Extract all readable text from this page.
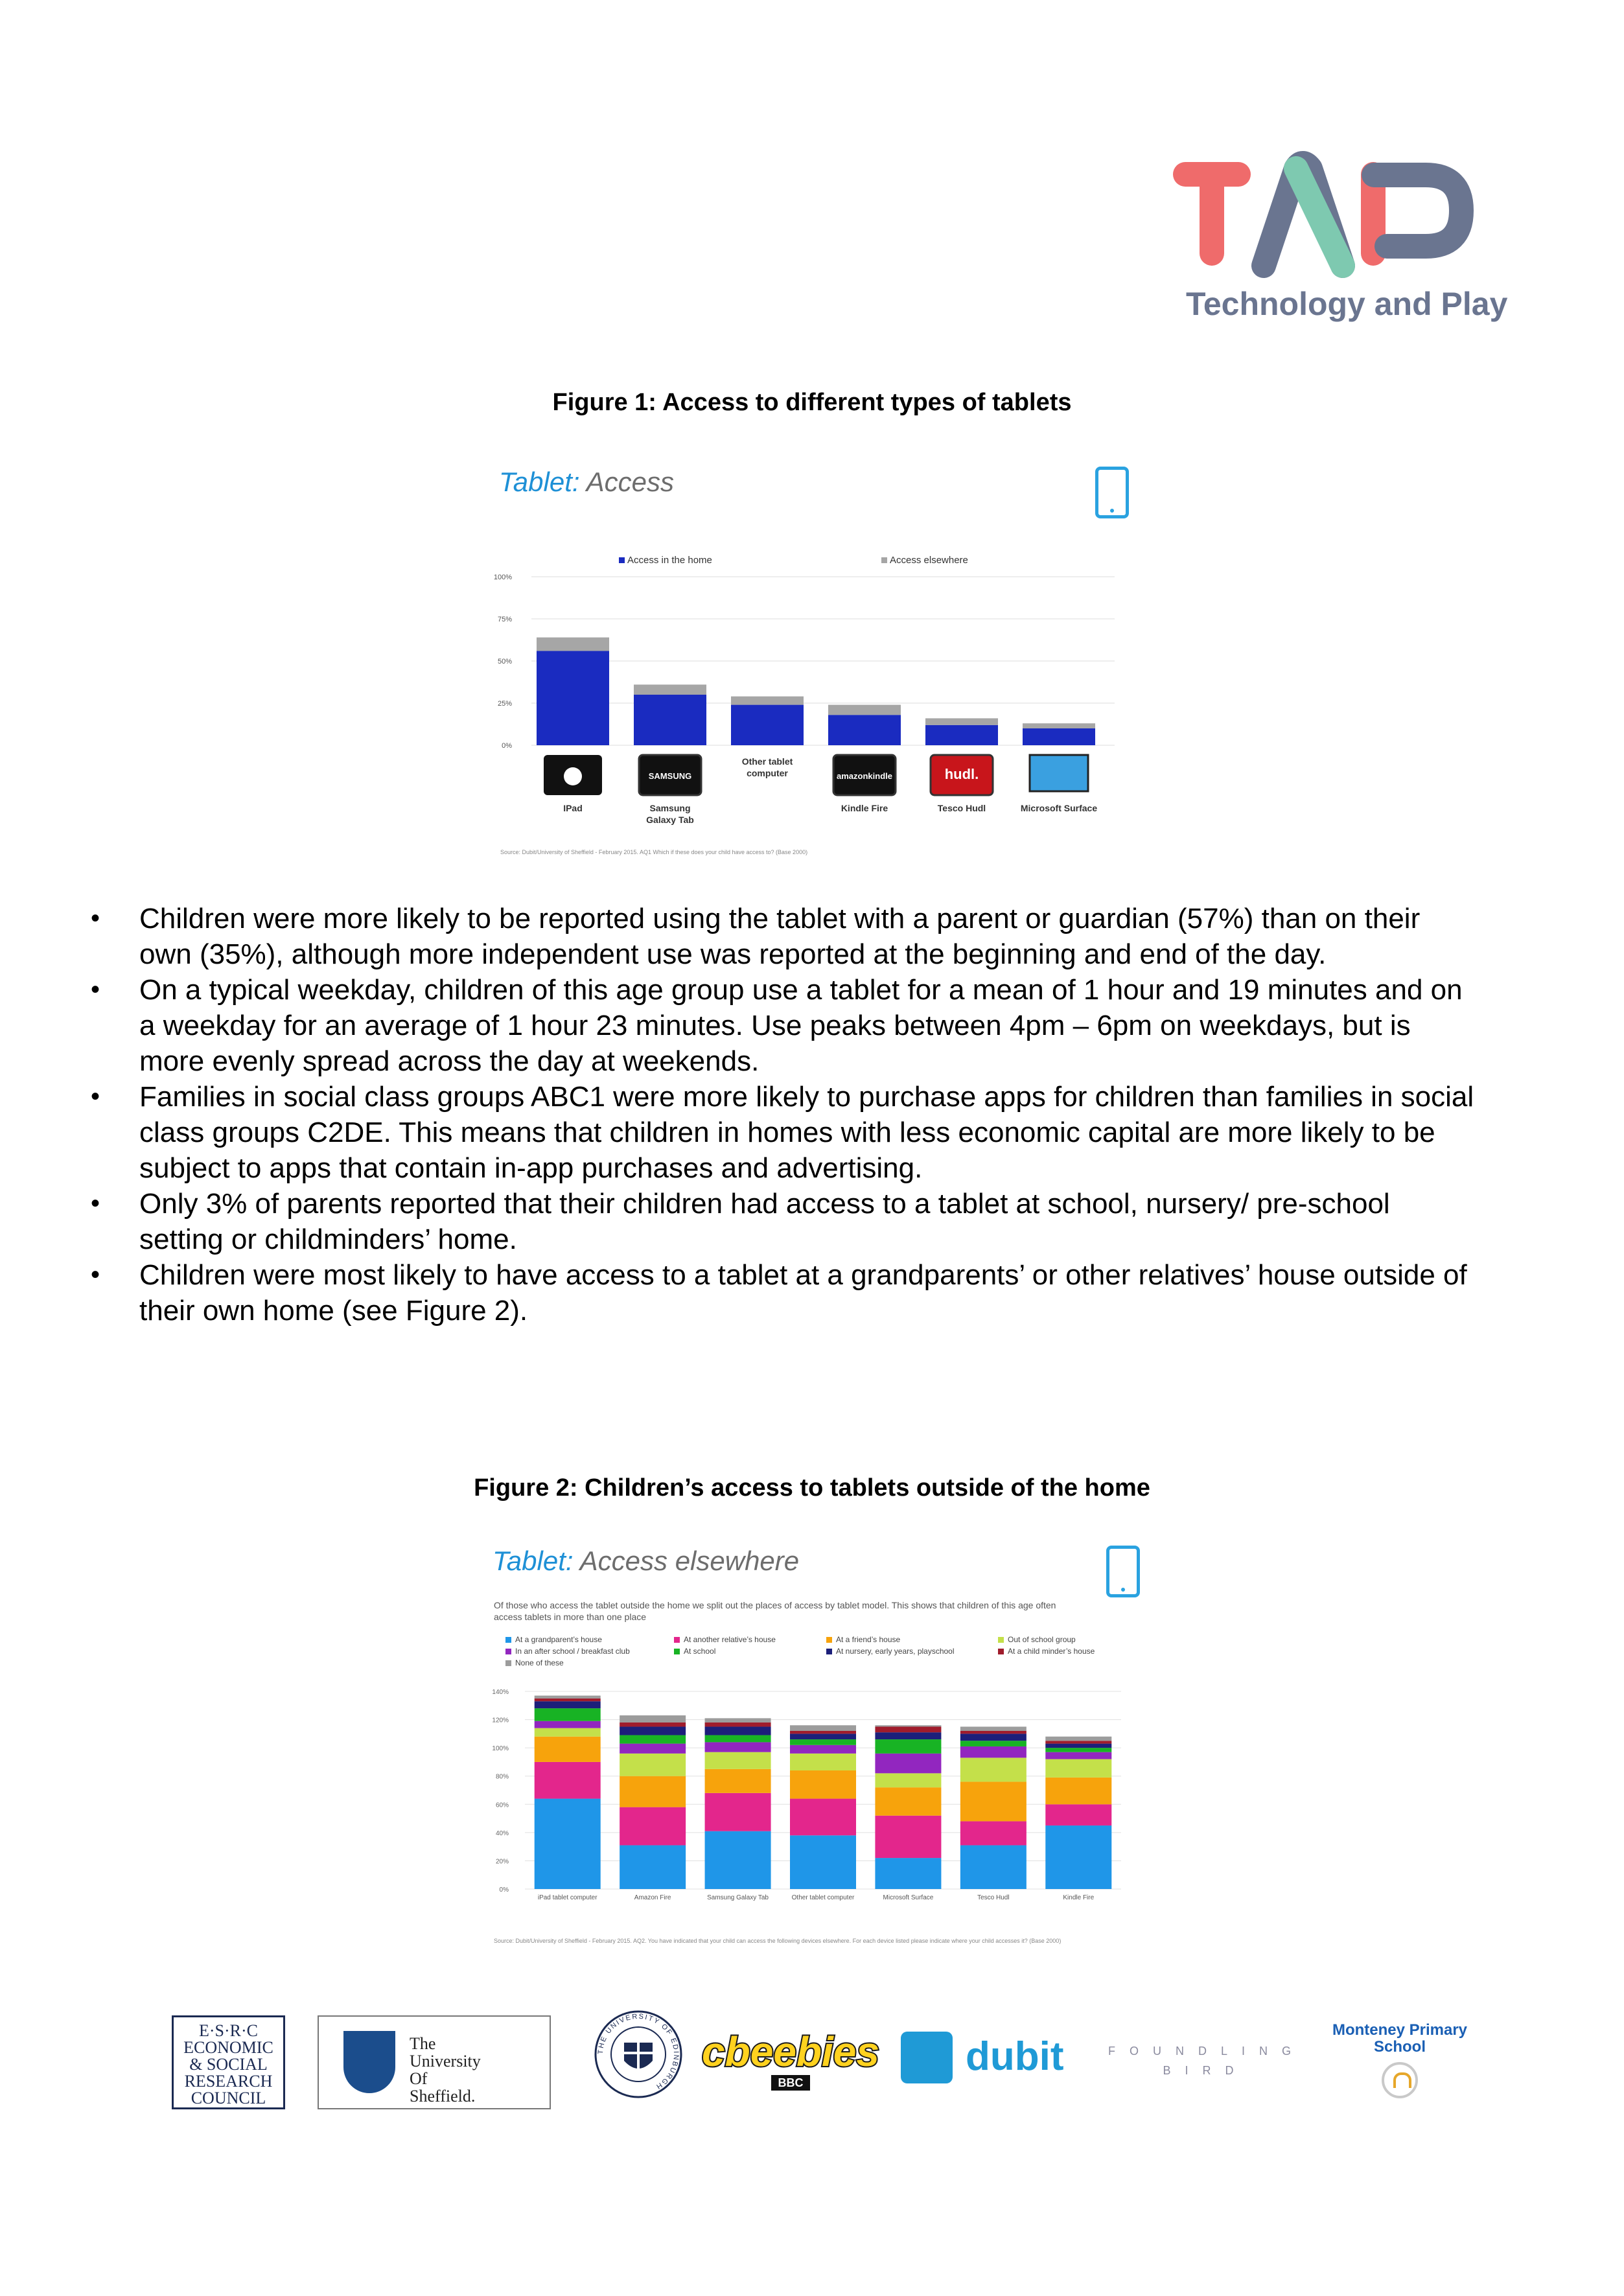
Technology and Play
Figure 1: Access to different types of tablets
Tablet: Access
Access in the home	Access elsewhere
100%
75%
50%
25%
0%
IPad
SAMSUNG
Samsung
Galaxy Tab
Other tablet
computer	amazonkindle
Kindle Fire
hudl.
Tesco Hudl	Microsoft Surface
Source: Dubit/University of Sheffield - February 2015. AQ1 Which if these does your child have access to? (Base 2000)
• Children were more likely to be reported using the tablet with a parent or guardian (57%) than on their own (35%), although more independent use was reported at the beginning and end of the day.
• On a typical weekday, children of this age group use a tablet for a mean of 1 hour and 19 minutes and on a weekday for an average of 1 hour 23 minutes. Use peaks between 4pm – 6pm on weekdays, but is more evenly spread across the day at weekends.
• Families in social class groups ABC1 were more likely to purchase apps for children than families in social class groups C2DE. This means that children in homes with less economic capital are more likely to be subject to apps that contain in-app purchases and advertising.
• Only 3% of parents reported that their children had access to a tablet at school, nursery/ pre-school setting or childminders’ home.
• Children were most likely to have access to a tablet at a grandparents’ or other relatives’ house outside of their own home (see Figure 2).
Figure 2: Children’s access to tablets outside of the home
Tablet: Access elsewhere
Of those who access the tablet outside the home we split out the places of access by tablet model. This shows that children of this age often
access tablets in more than one place
At a grandparent’s house	At another relative’s house	At a friend’s house	Out of school group
In an after school / breakfast club	At school	At nursery, early years, playschool	At a child minder’s house
None of these
140%
120%
100%
80%
60%
40%
20%
0%
iPad tablet computer	Amazon Fire	Samsung Galaxy Tab	Other tablet computer	Microsoft Surface	Tesco Hudl	Kindle Fire
Source: Dubit/University of Sheffield - February 2015. AQ2. You have indicated that your child can access the following devices elsewhere. For each device listed please indicate where your child accesses it? (Base 2000)
E·S·R·C
ECONOMIC
& SOCIAL
RESEARCH
COUNCIL
The
University
Of
Sheffield.
THE UNIVERSITY OF EDINBURGH
cbeebies
BBC
dubit	FOUNDLING
BIRD
Monteney Primary
School
